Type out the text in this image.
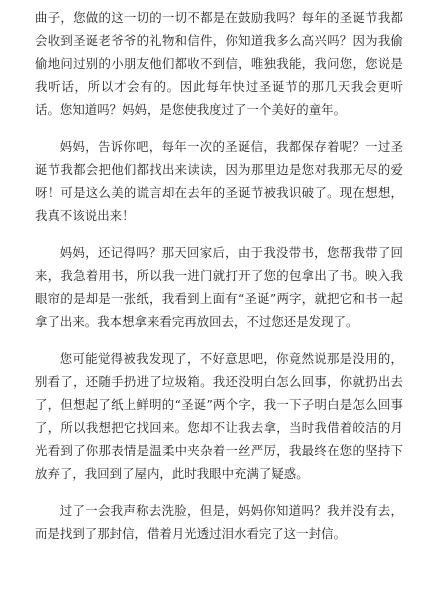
曲子，您做的这一切的一切不都是在鼓励我吗？每年的圣诞节我都会收到圣诞老爷爷的礼物和信件，你知道我多么高兴吗？因为我偷偷地问过别的小朋友他们都收不到信，唯独我能，我问您，您说是我听话，所以才会有的。因此每年快过圣诞节的那几天我会更听话。您知道吗？妈妈，是您使我度过了一个美好的童年。

妈妈，告诉你吧，每年一次的圣诞信，我都保存着呢？一过圣诞节我都会把他们都找出来读读，因为那里边是您对我那无尽的爱呀！可是这么美的谎言却在去年的圣诞节被我识破了。现在想想，我真不该说出来！

妈妈，还记得吗？那天回家后，由于我没带书，您帮我带了回来，我急着用书，所以我一进门就打开了您的包拿出了书。映入我眼帘的是却是一张纸，我看到上面有“圣诞”两字，就把它和书一起拿了出来。我本想拿来看完再放回去，不过您还是发现了。

您可能觉得被我发现了，不好意思吧，你竟然说那是没用的，别看了，还随手扔进了垃圾箱。我还没明白怎么回事，你就扔出去了，但想起了纸上鲜明的“圣诞”两个字，我一下子明白是怎么回事了，所以我想把它找回来。您却不让我去拿，当时我借着皎洁的月光看到了你那表情是温柔中夹杂着一丝严厉，我最终在您的坚持下放弃了，我回到了屋内，此时我眼中充满了疑惑。

过了一会我声称去洗脸，但是，妈妈你知道吗？我并没有去，而是找到了那封信，借着月光透过泪水看完了这一封信。
